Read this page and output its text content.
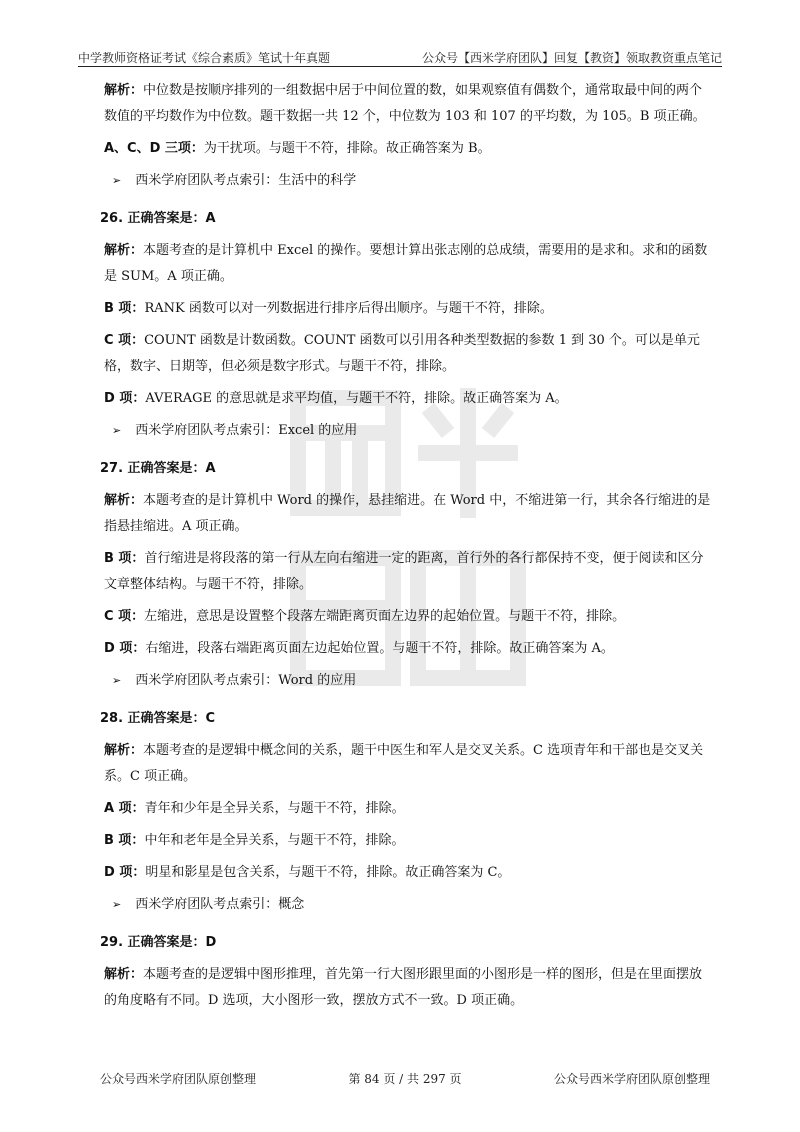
中学教师资格证考试《综合素质》笔试十年真题	公众号【西米学府团队】回复【教资】领取教资重点笔记

解析：中位数是按顺序排列的一组数据中居于中间位置的数，如果观察值有偶数个，通常取最中间的两个数值的平均数作为中位数。题干数据一共 12 个，中位数为 103 和 107 的平均数，为 105。B 项正确。

A、C、D 三项：为干扰项。与题干不符，排除。故正确答案为 B。

➢ 西米学府团队考点索引：生活中的科学
26. 正确答案是：A

解析：本题考查的是计算机中 Excel 的操作。要想计算出张志刚的总成绩，需要用的是求和。求和的函数是 SUM。A 项正确。

B 项：RANK 函数可以对一列数据进行排序后得出顺序。与题干不符，排除。

C 项：COUNT 函数是计数函数。COUNT 函数可以引用各种类型数据的参数 1 到 30 个。可以是单元格，数字、日期等，但必须是数字形式。与题干不符，排除。

D 项：AVERAGE 的意思就是求平均值，与题干不符，排除。故正确答案为 A。

➢ 西米学府团队考点索引：Excel 的应用
27. 正确答案是：A

解析：本题考查的是计算机中 Word 的操作，悬挂缩进。在 Word 中，不缩进第一行，其余各行缩进的是指悬挂缩进。A 项正确。

B 项：首行缩进是将段落的第一行从左向右缩进一定的距离，首行外的各行都保持不变，便于阅读和区分文章整体结构。与题干不符，排除。

C 项：左缩进，意思是设置整个段落左端距离页面左边界的起始位置。与题干不符，排除。

D 项：右缩进，段落右端距离页面左边起始位置。与题干不符，排除。故正确答案为 A。

➢ 西米学府团队考点索引：Word 的应用
28. 正确答案是：C

解析：本题考查的是逻辑中概念间的关系，题干中医生和军人是交叉关系。C 选项青年和干部也是交叉关系。C 项正确。

A 项：青年和少年是全异关系，与题干不符，排除。

B 项：中年和老年是全异关系，与题干不符，排除。

D 项：明星和影星是包含关系，与题干不符，排除。故正确答案为 C。

➢ 西米学府团队考点索引：概念
29. 正确答案是：D

解析：本题考查的是逻辑中图形推理，首先第一行大图形跟里面的小图形是一样的图形，但是在里面摆放的角度略有不同。D 选项，大小图形一致，摆放方式不一致。D 项正确。

公众号西米学府团队原创整理	第 84 页 / 共 297 页	公众号西米学府团队原创整理
